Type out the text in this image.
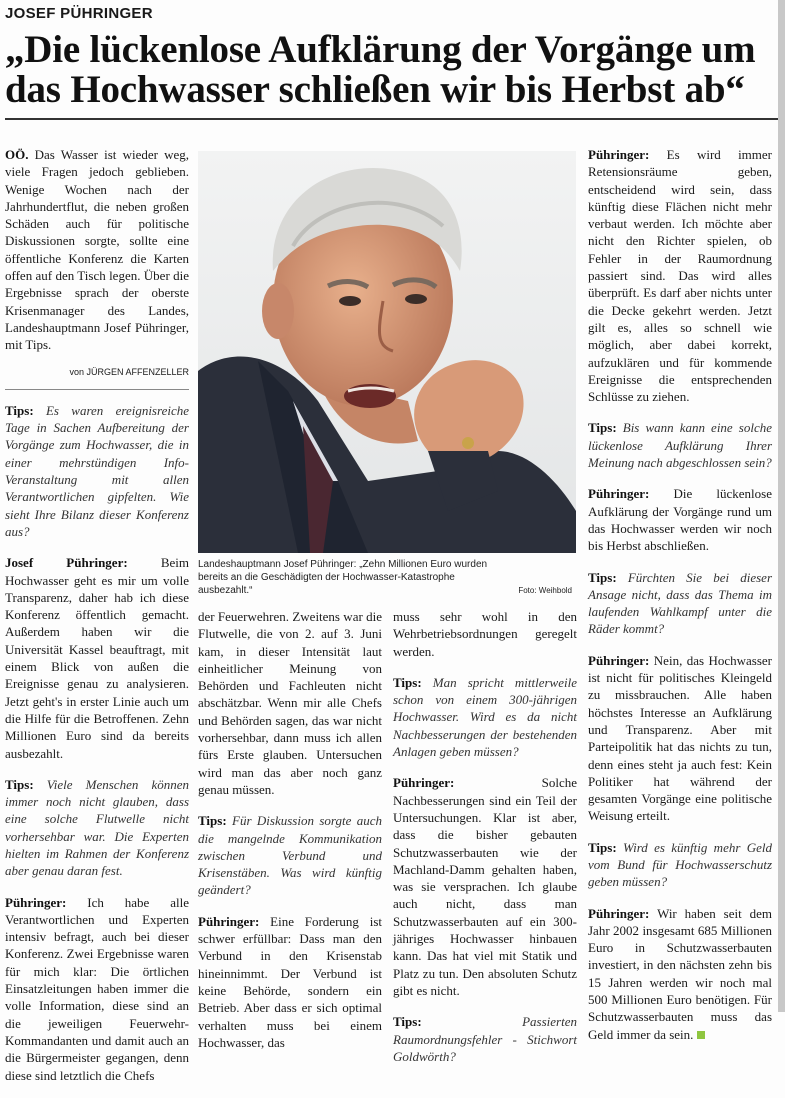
JOSEF PÜHRINGER
„Die lückenlose Aufklärung der Vorgänge um das Hochwasser schließen wir bis Herbst ab“

OÖ. Das Wasser ist wieder weg, viele Fragen jedoch geblieben. Wenige Wochen nach der Jahrhundertflut, die neben großen Schäden auch für politische Diskussionen sorgte, sollte eine öffentliche Konferenz die Karten offen auf den Tisch legen. Über die Ergebnisse sprach der oberste Krisenmanager des Landes, Landeshauptmann Josef Pühringer, mit Tips.

von JÜRGEN AFFENZELLER

Tips: Es waren ereignisreiche Tage in Sachen Aufbereitung der Vorgänge zum Hochwasser, die in einer mehrstündigen Info-Veranstaltung mit allen Verantwortlichen gipfelten. Wie sieht Ihre Bilanz dieser Konferenz aus?

Josef Pühringer: Beim Hochwasser geht es mir um volle Transparenz, daher hab ich diese Konferenz öffentlich gemacht. Außerdem haben wir die Universität Kassel beauftragt, mit einem Blick von außen die Ereignisse genau zu analysieren. Jetzt geht's in erster Linie auch um die Hilfe für die Betroffenen. Zehn Millionen Euro sind da bereits ausbezahlt.

Tips: Viele Menschen können immer noch nicht glauben, dass eine solche Flutwelle nicht vorhersehbar war. Die Experten hielten im Rahmen der Konferenz aber genau daran fest.

Pühringer: Ich habe alle Verantwortlichen und Experten intensiv befragt, auch bei dieser Konferenz. Zwei Ergebnisse waren für mich klar: Die örtlichen Einsatzleitungen haben immer die volle Information, diese sind an die jeweiligen Feuerwehr-Kommandanten und damit auch an die Bürgermeister gegangen, denn diese sind letztlich die Chefs

Landeshauptmann Josef Pühringer: „Zehn Millionen Euro wurden bereits an die Geschädigten der Hochwasser-Katastrophe ausbezahlt.“	Foto: Weihbold

der Feuerwehren. Zweitens war die Flutwelle, die von 2. auf 3. Juni kam, in dieser Intensität laut einheitlicher Meinung von Behörden und Fachleuten nicht abschätzbar. Wenn mir alle Chefs und Behörden sagen, das war nicht vorhersehbar, dann muss ich allen fürs Erste glauben. Untersuchen wird man das aber noch ganz genau müssen.

Tips: Für Diskussion sorgte auch die mangelnde Kommunikation zwischen Verbund und Krisenstäben. Was wird künftig geändert?

Pühringer: Eine Forderung ist schwer erfüllbar: Dass man den Verbund in den Krisenstab hineinnimmt. Der Verbund ist keine Behörde, sondern ein Betrieb. Aber dass er sich optimal verhalten muss bei einem Hochwasser, das

muss sehr wohl in den Wehrbetriebsordnungen geregelt werden.

Tips: Man spricht mittlerweile schon von einem 300-jährigen Hochwasser. Wird es da nicht Nachbesserungen der bestehenden Anlagen geben müssen?

Pühringer: Solche Nachbesserungen sind ein Teil der Untersuchungen. Klar ist aber, dass die bisher gebauten Schutzwasserbauten wie der Machland-Damm gehalten haben, was sie versprachen. Ich glaube auch nicht, dass man Schutzwasserbauten auf ein 300-jähriges Hochwasser hinbauen kann. Das hat viel mit Statik und Platz zu tun. Den absoluten Schutz gibt es nicht.

Tips: Passierten Raumordnungsfehler - Stichwort Goldwörth?

Pühringer: Es wird immer Retensionsräume geben, entscheidend wird sein, dass künftig diese Flächen nicht mehr verbaut werden. Ich möchte aber nicht den Richter spielen, ob Fehler in der Raumordnung passiert sind. Das wird alles überprüft. Es darf aber nichts unter die Decke gekehrt werden. Jetzt gilt es, alles so schnell wie möglich, aber dabei korrekt, aufzuklären und für kommende Ereignisse die entsprechenden Schlüsse zu ziehen.

Tips: Bis wann kann eine solche lückenlose Aufklärung Ihrer Meinung nach abgeschlossen sein?

Pühringer: Die lückenlose Aufklärung der Vorgänge rund um das Hochwasser werden wir noch bis Herbst abschließen.

Tips: Fürchten Sie bei dieser Ansage nicht, dass das Thema im laufenden Wahlkampf unter die Räder kommt?

Pühringer: Nein, das Hochwasser ist nicht für politisches Kleingeld zu missbrauchen. Alle haben höchstes Interesse an Aufklärung und Transparenz. Aber mit Parteipolitik hat das nichts zu tun, denn eines steht ja auch fest: Kein Politiker hat während der gesamten Vorgänge eine politische Weisung erteilt.

Tips: Wird es künftig mehr Geld vom Bund für Hochwasserschutz geben müssen?

Pühringer: Wir haben seit dem Jahr 2002 insgesamt 685 Millionen Euro in Schutzwasserbauten investiert, in den nächsten zehn bis 15 Jahren werden wir noch mal 500 Millionen Euro benötigen. Für Schutzwasserbauten muss das Geld immer da sein.
